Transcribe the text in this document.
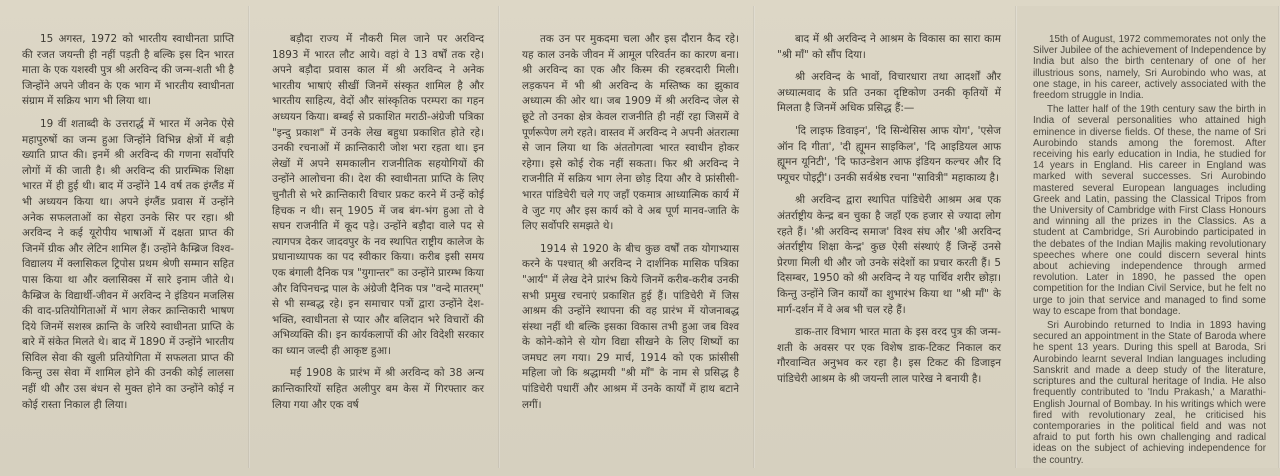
15 अगस्त, 1972 को भारतीय स्वाधीनता प्राप्ति की रजत जयन्ती ही नहीं पड़ती है बल्कि इस दिन भारत माता के एक यशस्वी पुत्र श्री अरविन्द की जन्म-शती भी है जिन्होंने अपने जीवन के एक भाग में भारतीय स्वाधीनता संग्राम में सक्रिय भाग भी लिया था।

19 वीं शताब्दी के उत्तरार्द्ध में भारत में अनेक ऐसे महापुरुषों का जन्म हुआ जिन्होंने विभिन्न क्षेत्रों में बड़ी ख्याति प्राप्त की। इनमें श्री अरविन्द की गणना सर्वोपरि लोगों में की जाती है। श्री अरविन्द की प्रारम्भिक शिक्षा भारत में ही हुई थी। बाद में उन्होंने 14 वर्ष तक इंग्लैंड में भी अध्ययन किया था। अपने इंग्लैंड प्रवास में उन्होंने अनेक सफलताओं का सेहरा उनके सिर पर रहा। श्री अरविन्द ने कई यूरोपीय भाषाओं में दक्षता प्राप्त की जिनमें ग्रीक और लेटिन शामिल हैं। उन्होंने कैम्ब्रिज विश्व-विद्यालय में क्लासिकल ट्रिपोस प्रथम श्रेणी सम्मान सहित पास किया था और क्लासिक्स में सारे इनाम जीते थे। कैम्ब्रिज के विद्यार्थी-जीवन में अरविन्द ने इंडियन मजलिस की वाद-प्रतियोगिताओं में भाग लेकर क्रान्तिकारी भाषण दिये जिनमें सशस्त्र क्रान्ति के जरिये स्वाधीनता प्राप्ति के बारे में संकेत मिलते थे। बाद में 1890 में उन्होंने भारतीय सिविल सेवा की खुली प्रतियोगिता में सफलता प्राप्त की किन्तु उस सेवा में शामिल होने की उनकी कोई लालसा नहीं थी और उस बंधन से मुक्त होने का उन्होंने कोई न कोई रास्ता निकाल ही लिया।

बड़ौदा राज्य में नौकरी मिल जाने पर अरविन्द 1893 में भारत लौट आये। वहां वे 13 वर्षों तक रहे। अपने बड़ौदा प्रवास काल में श्री अरविन्द ने अनेक भारतीय भाषाएं सीखीं जिनमें संस्कृत शामिल है और भारतीय साहित्य, वेदों और सांस्कृतिक परम्परा का गहन अध्ययन किया। बम्बई से प्रकाशित मराठी-अंग्रेजी पत्रिका "इन्दु प्रकाश" में उनके लेख बहुधा प्रकाशित होते रहे। उनकी रचनाओं में क्रान्तिकारी जोश भरा रहता था। इन लेखों में अपने समकालीन राजनीतिक सहयोगियों की उन्होंने आलोचना की। देश की स्वाधीनता प्राप्ति के लिए चुनौती से भरे क्रान्तिकारी विचार प्रकट करने में उन्हें कोई हिचक न थी। सन् 1905 में जब बंग-भंग हुआ तो वे सघन राजनीति में कूद पड़े। उन्होंने बड़ौदा वाले पद से त्यागपत्र देकर जादवपुर के नव स्थापित राष्ट्रीय कालेज के प्रधानाध्यापक का पद स्वीकार किया। करीब इसी समय एक बंगाली दैनिक पत्र "युगान्तर" का उन्होंने प्रारम्भ किया और विपिनचन्द्र पाल के अंग्रेजी दैनिक पत्र "वन्दे मातरम्" से भी सम्बद्ध रहे। इन समाचार पत्रों द्वारा उन्होंने देश-भक्ति, स्वाधीनता से प्यार और बलिदान भरे विचारों की अभिव्यक्ति की। इन कार्यकलापों की ओर विदेशी सरकार का ध्यान जल्दी ही आकृष्ट हुआ।

मई 1908 के प्रारंभ में श्री अरविन्द को 38 अन्य क्रान्तिकारियों सहित अलीपुर बम केस में गिरफ्तार कर लिया गया और एक वर्ष

तक उन पर मुकदमा चला और इस दौरान कैद रहे। यह काल उनके जीवन में आमूल परिवर्तन का कारण बना। श्री अरविन्द का एक और किस्म की रहबरदारी मिली। लड़कपन में भी श्री अरविन्द के मस्तिष्क का झुकाव अध्यात्म की ओर था। जब 1909 में श्री अरविन्द जेल से छूटे तो उनका क्षेत्र केवल राजनीति ही नहीं रहा जिसमें वे पूर्णरूपेण लगे रहते। वास्तव में अरविन्द ने अपनी अंतरात्मा से जान लिया था कि अंततोगत्वा भारत स्वाधीन होकर रहेगा। इसे कोई रोक नहीं सकता। फिर श्री अरविन्द ने राजनीति में सक्रिय भाग लेना छोड़ दिया और वे फ्रांसीसी-भारत पांडिचेरी चले गए जहाँ एकमात्र आध्यात्मिक कार्य में वे जुट गए और इस कार्य को वे अब पूर्ण मानव-जाति के लिए सर्वोपरि समझते थे।

1914 से 1920 के बीच कुछ वर्षों तक योगाभ्यास करने के पश्चात् श्री अरविन्द ने दार्शनिक मासिक पत्रिका "आर्य" में लेख देने प्रारंभ किये जिनमें करीब-करीब उनकी सभी प्रमुख रचनाएं प्रकाशित हुई हैं। पांडिचेरी में जिस आश्रम की उन्होंने स्थापना की वह प्रारंभ में योजनाबद्ध संस्था नहीं थी बल्कि इसका विकास तभी हुआ जब विश्व के कोने-कोने से योग विद्या सीखने के लिए शिष्यों का जमघट लग गया। 29 मार्च, 1914 को एक फ्रांसीसी महिला जो कि श्रद्धामयी "श्री माँ" के नाम से प्रसिद्ध है पांडिचेरी पधारीं और आश्रम में उनके कार्यों में हाथ बटाने लगीं।

बाद में श्री अरविन्द ने आश्रम के विकास का सारा काम "श्री माँ" को सौंप दिया।

श्री अरविन्द के भावों, विचारधारा तथा आदर्शों और अध्यात्मवाद के प्रति उनका दृष्टिकोण उनकी कृतियों में मिलता है जिनमें अधिक प्रसिद्ध हैं:—

'दि लाइफ डिवाइन', 'दि सिन्थेसिस आफ योग', 'एसेज ऑन दि गीता', 'दी ह्यूमन साइकिल', 'दि आइडियल आफ ह्यूमन यूनिटी', 'दि फाउन्डेशन आफ इंडियन कल्चर और दि फ्यूचर पोइट्री'। उनकी सर्वश्रेष्ठ रचना "सावित्री" महाकाव्य है।

श्री अरविन्द द्वारा स्थापित पांडिचेरी आश्रम अब एक अंतर्राष्ट्रीय केन्द्र बन चुका है जहाँ एक हजार से ज्यादा लोग रहते हैं। 'श्री अरविन्द समाज' विश्व संघ और 'श्री अरविन्द अंतर्राष्ट्रीय शिक्षा केन्द्र' कुछ ऐसी संस्थाएं हैं जिन्हें उनसे प्रेरणा मिली थी और जो उनके संदेशों का प्रचार करती हैं। 5 दिसम्बर, 1950 को श्री अरविन्द ने यह पार्थिव शरीर छोड़ा। किन्तु उन्होंने जिन कार्यों का शुभारंभ किया था "श्री माँ" के मार्ग-दर्शन में वे अब भी चल रहे हैं।

डाक-तार विभाग भारत माता के इस वरद पुत्र की जन्म-शती के अवसर पर एक विशेष डाक-टिकट निकाल कर गौरवान्वित अनुभव कर रहा है। इस टिकट की डिजाइन पांडिचेरी आश्रम के श्री जयन्ती लाल पारेख ने बनायी है।

15th of August, 1972 commemorates not only the Silver Jubilee of the achievement of Independence by India but also the birth centenary of one of her illustrious sons, namely, Sri Aurobindo who was, at one stage, in his career, actively associated with the freedom struggle in India.

The latter half of the 19th century saw the birth in India of several personalities who attained high eminence in diverse fields. Of these, the name of Sri Aurobindo stands among the foremost. After receiving his early education in India, he studied for 14 years in England. His career in England was marked with several successes. Sri Aurobindo mastered several European languages including Greek and Latin, passing the Classical Tripos from the University of Cambridge with First Class Honours and winning all the prizes in the Classics. As a student at Cambridge, Sri Aurobindo participated in the debates of the Indian Majlis making revolutionary speeches where one could discern several hints about achieving independence through armed revolution. Later in 1890, he passed the open competition for the Indian Civil Service, but he felt no urge to join that service and managed to find some way to escape from that bondage.

Sri Aurobindo returned to India in 1893 having secured an appointment in the State of Baroda where he spent 13 years. During this spell at Baroda, Sri Aurobindo learnt several Indian languages including Sanskrit and made a deep study of the literature, scriptures and the cultural heritage of India. He also frequently contributed to 'Indu Prakash,' a Marathi-English Journal of Bombay. In his writings which were fired with revolutionary zeal, he criticised his contemporaries in the political field and was not afraid to put forth his own challenging and radical ideas on the subject of achieving independence for the country.
